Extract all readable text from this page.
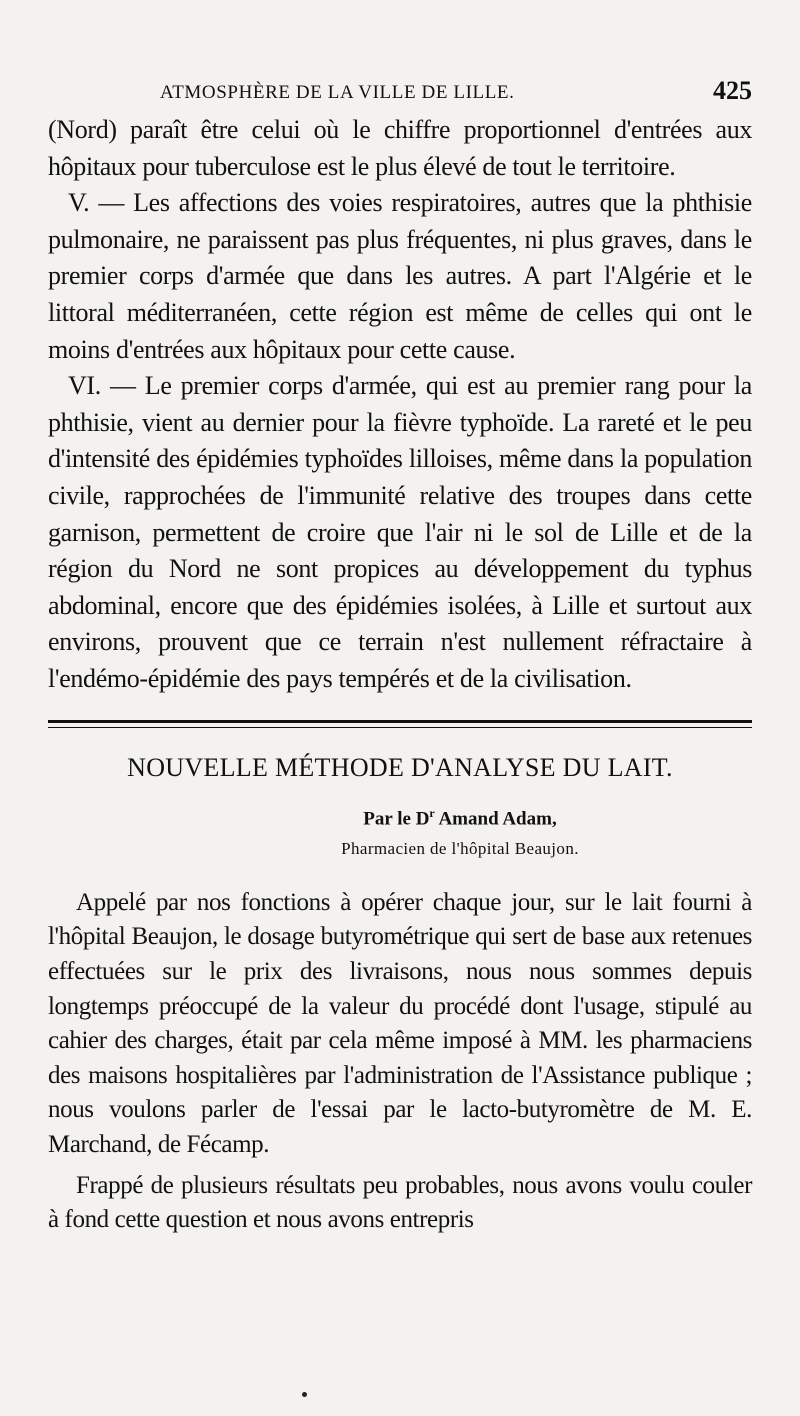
ATMOSPHÈRE DE LA VILLE DE LILLE.	425

(Nord) paraît être celui où le chiffre proportionnel d'entrées aux hôpitaux pour tuberculose est le plus élevé de tout le territoire.

V. — Les affections des voies respiratoires, autres que la phthisie pulmonaire, ne paraissent pas plus fréquentes, ni plus graves, dans le premier corps d'armée que dans les autres. A part l'Algérie et le littoral méditerranéen, cette région est même de celles qui ont le moins d'entrées aux hôpitaux pour cette cause.

VI. — Le premier corps d'armée, qui est au premier rang pour la phthisie, vient au dernier pour la fièvre typhoïde. La rareté et le peu d'intensité des épidémies typhoïdes lilloises, même dans la population civile, rapprochées de l'immunité relative des troupes dans cette garnison, permettent de croire que l'air ni le sol de Lille et de la région du Nord ne sont propices au développement du typhus abdominal, encore que des épidémies isolées, à Lille et surtout aux environs, prouvent que ce terrain n'est nullement réfractaire à l'endémo-épidémie des pays tempérés et de la civilisation.

NOUVELLE MÉTHODE D'ANALYSE DU LAIT.
Par le $D^r$ Amand Adam,
Pharmacien de l'hôpital Beaujon.

Appelé par nos fonctions à opérer chaque jour, sur le lait fourni à l'hôpital Beaujon, le dosage butyrométrique qui sert de base aux retenues effectuées sur le prix des livraisons, nous nous sommes depuis longtemps préoccupé de la valeur du procédé dont l'usage, stipulé au cahier des charges, était par cela même imposé à MM. les pharmaciens des maisons hospitalières par l'administration de l'Assistance publique ; nous voulons parler de l'essai par le lacto-butyromètre de M. E. Marchand, de Fécamp.

Frappé de plusieurs résultats peu probables, nous avons voulu couler à fond cette question et nous avons entrepris
